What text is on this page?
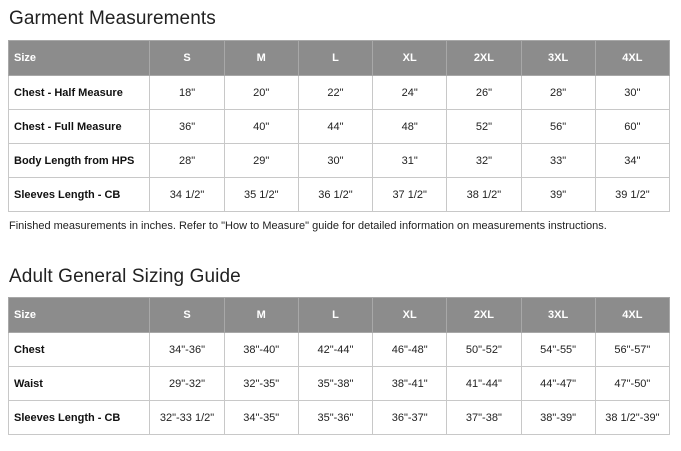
Garment Measurements
Size	S	M	L	XL	2XL	3XL	4XL
Chest - Half Measure	18"	20"	22"	24"	26"	28"	30"
Chest - Full Measure	36"	40"	44"	48"	52"	56"	60"
Body Length from HPS	28"	29"	30"	31"	32"	33"	34"
Sleeves Length - CB	34 1/2"	35 1/2"	36 1/2"	37 1/2"	38 1/2"	39"	39 1/2"
Finished measurements in inches. Refer to "How to Measure" guide for detailed information on measurements instructions.
Adult General Sizing Guide
Size	S	M	L	XL	2XL	3XL	4XL
Chest	34"-36"	38"-40"	42"-44"	46"-48"	50"-52"	54"-55"	56"-57"
Waist	29"-32"	32"-35"	35"-38"	38"-41"	41"-44"	44"-47"	47"-50"
Sleeves Length - CB	32"-33 1/2"	34"-35"	35"-36"	36"-37"	37"-38"	38"-39"	38 1/2"-39"
